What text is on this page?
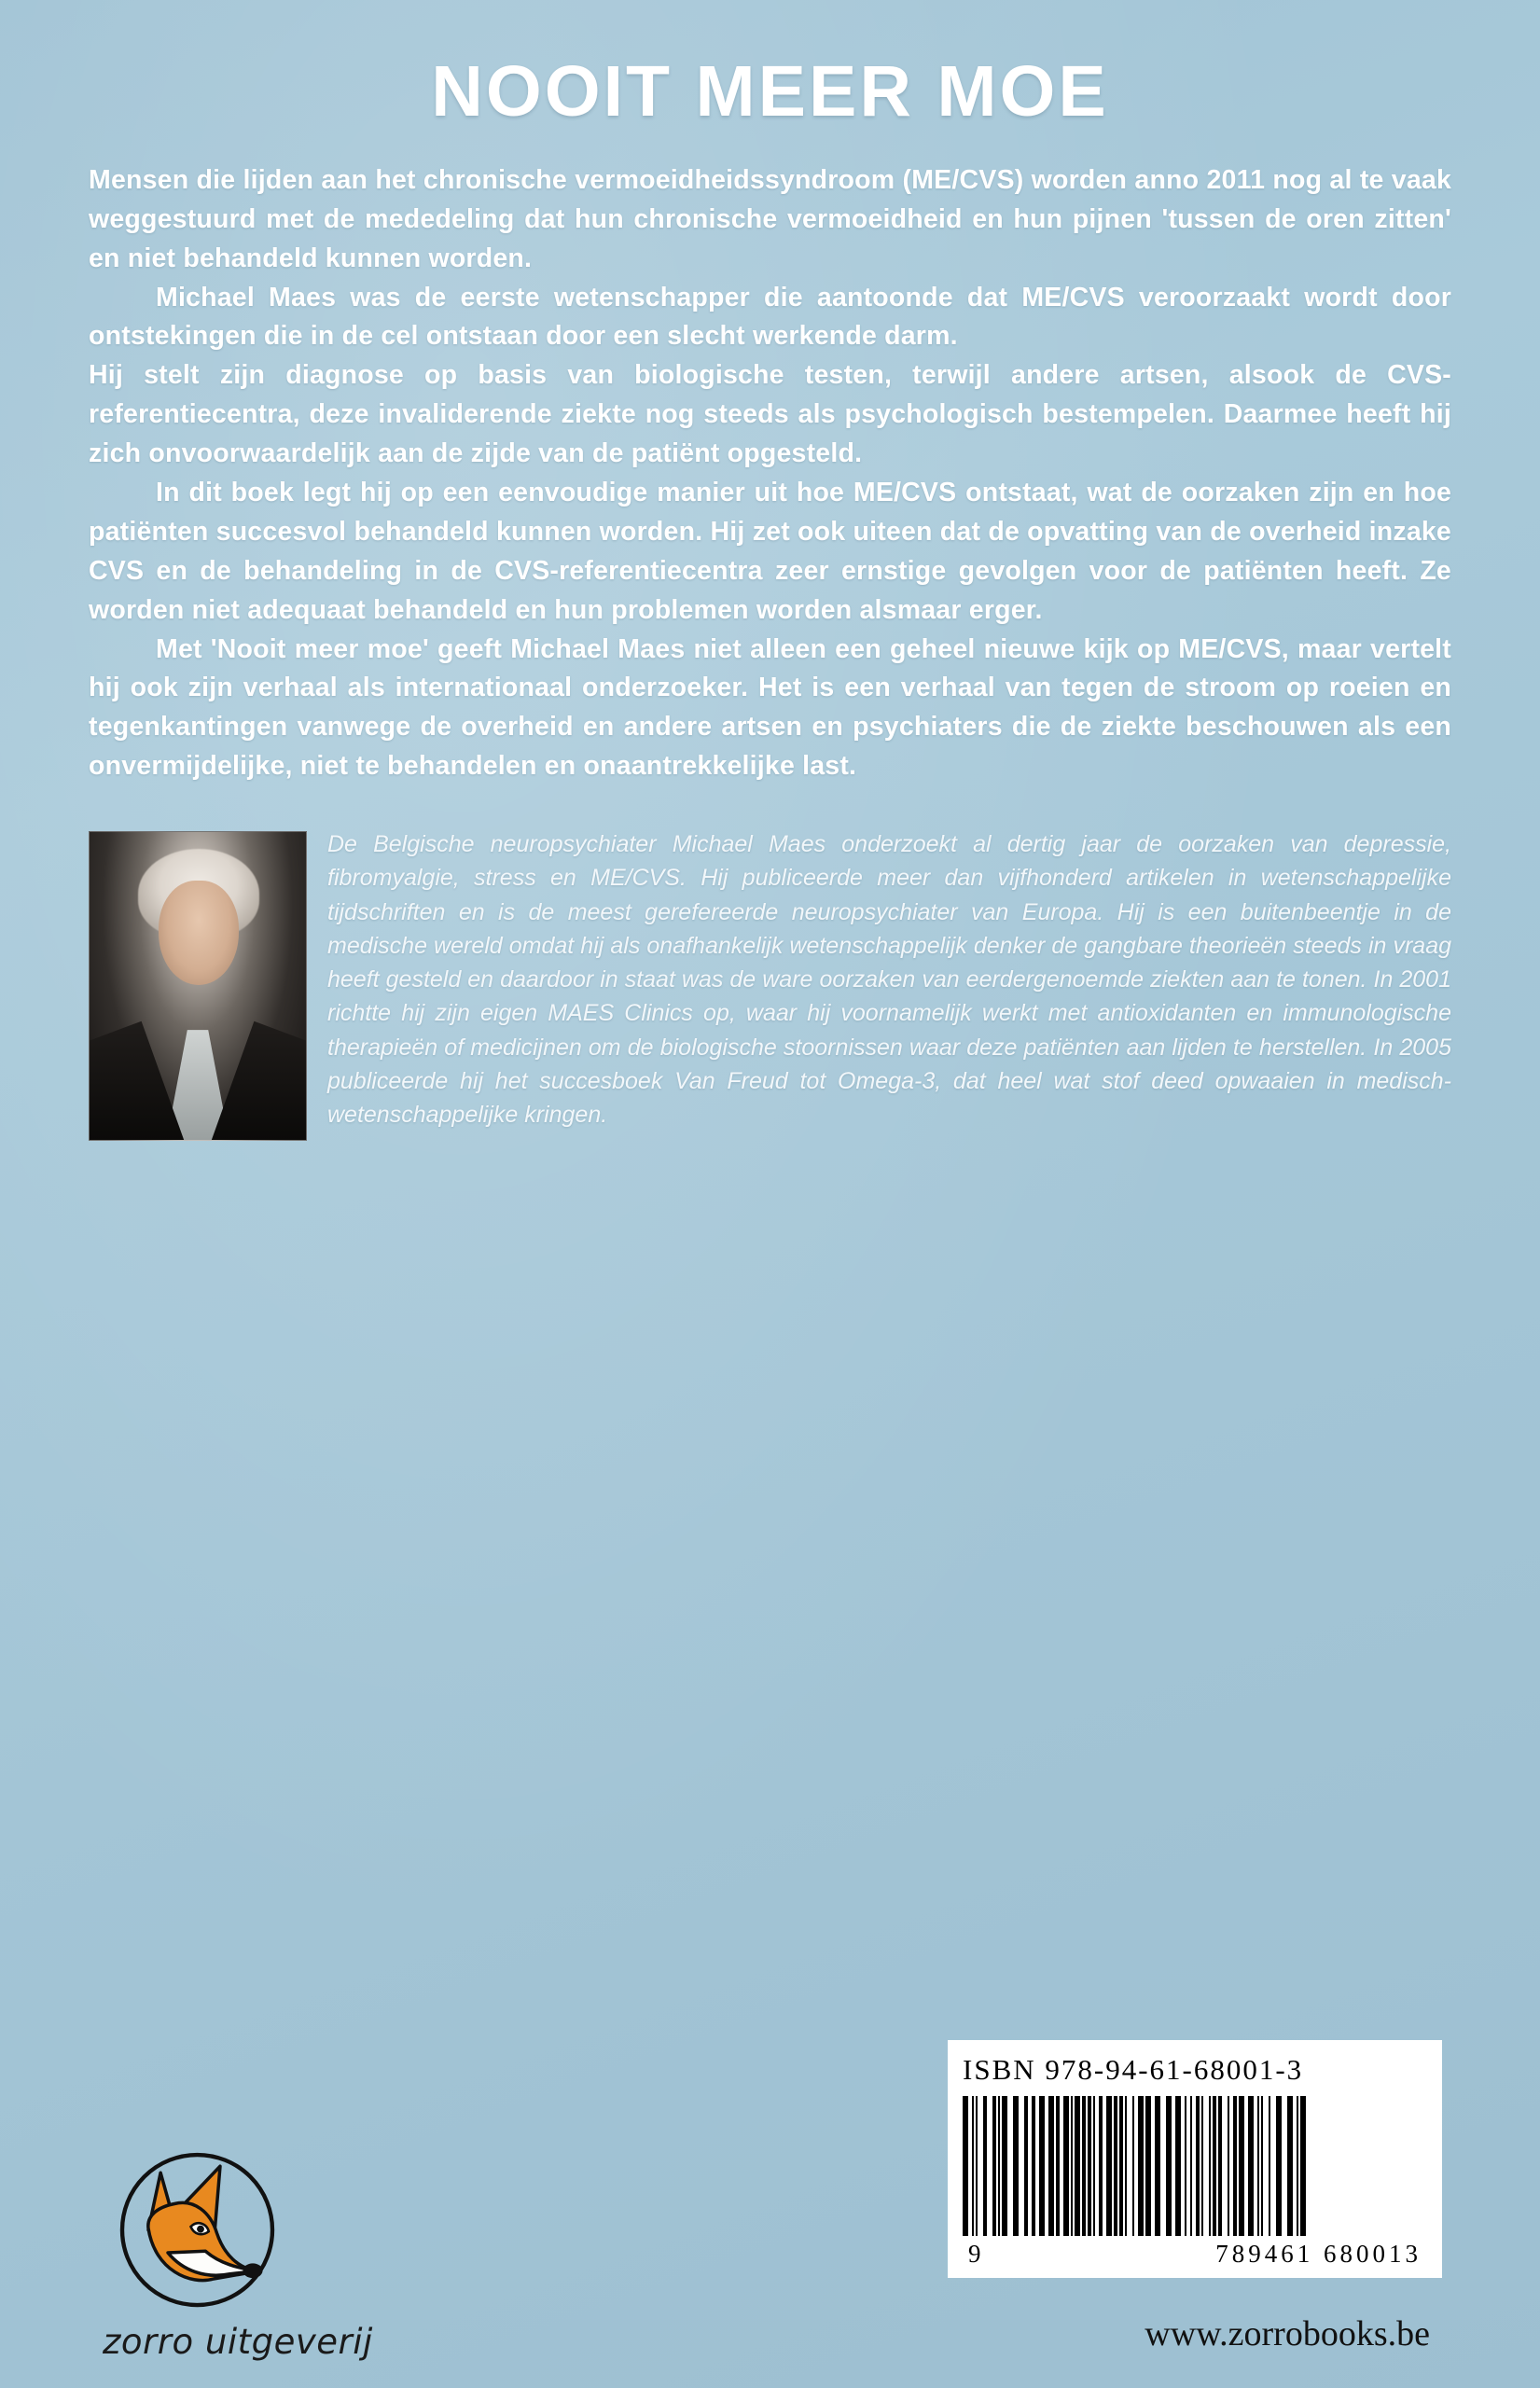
NOOIT MEER MOE

Mensen die lijden aan het chronische vermoeidheidssyndroom (ME/CVS) worden anno 2011 nog al te vaak weggestuurd met de mededeling dat hun chronische vermoeidheid en hun pijnen 'tussen de oren zitten' en niet behandeld kunnen worden.

Michael Maes was de eerste wetenschapper die aantoonde dat ME/CVS veroorzaakt wordt door ontstekingen die in de cel ontstaan door een slecht werkende darm.

Hij stelt zijn diagnose op basis van biologische testen, terwijl andere artsen, alsook de CVS-referentiecentra, deze invaliderende ziekte nog steeds als psychologisch bestempelen. Daarmee heeft hij zich onvoorwaardelijk aan de zijde van de patiënt opgesteld.

In dit boek legt hij op een eenvoudige manier uit hoe ME/CVS ontstaat, wat de oorzaken zijn en hoe patiënten succesvol behandeld kunnen worden. Hij zet ook uiteen dat de opvatting van de overheid inzake CVS en de behandeling in de CVS-referentiecentra zeer ernstige gevolgen voor de patiënten heeft. Ze worden niet adequaat behandeld en hun problemen worden alsmaar erger.

Met 'Nooit meer moe' geeft Michael Maes niet alleen een geheel nieuwe kijk op ME/CVS, maar vertelt hij ook zijn verhaal als internationaal onderzoeker. Het is een verhaal van tegen de stroom op roeien en tegenkantingen vanwege de overheid en andere artsen en psychiaters die de ziekte beschouwen als een onvermijdelijke, niet te behandelen en onaantrekkelijke last.

De Belgische neuropsychiater Michael Maes onderzoekt al dertig jaar de oorzaken van depressie, fibromyalgie, stress en ME/CVS. Hij publiceerde meer dan vijfhonderd artikelen in wetenschappelijke tijdschriften en is de meest gerefereerde neuropsychiater van Europa. Hij is een buitenbeentje in de medische wereld omdat hij als onafhankelijk wetenschappelijk denker de gangbare theorieën steeds in vraag heeft gesteld en daardoor in staat was de ware oorzaken van eerdergenoemde ziekten aan te tonen. In 2001 richtte hij zijn eigen MAES Clinics op, waar hij voornamelijk werkt met antioxidanten en immunologische therapieën of medicijnen om de biologische stoornissen waar deze patiënten aan lijden te herstellen. In 2005 publiceerde hij het succesboek Van Freud tot Omega-3, dat heel wat stof deed opwaaien in medisch-wetenschappelijke kringen.
zorro uitgeverij
ISBN 978-94-61-68001-3
9	789461 680013
www.zorrobooks.be
